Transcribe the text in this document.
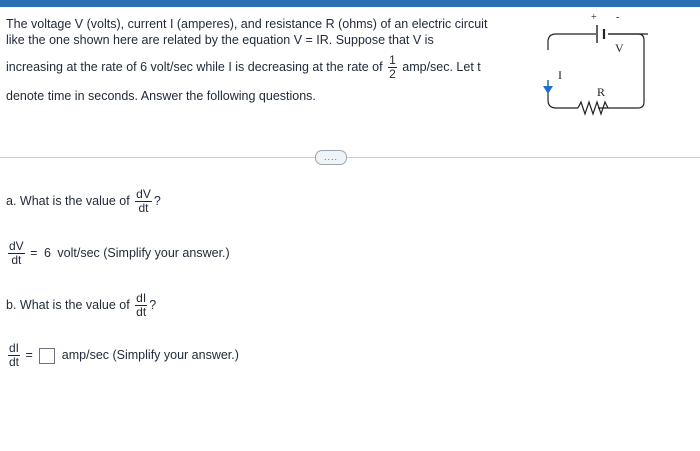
The voltage V (volts), current I (amperes), and resistance R (ohms) of an electric circuit
like the one shown here are related by the equation V = IR. Suppose that V is
increasing at the rate of 6 volt/sec while I is decreasing at the rate of $\frac{1}{2} amp/\sec$. Let t
denote time in seconds. Answer the following questions.
+ -
V
R
I
....
a. What is the value of $\frac{dV}{dt}$ ?
$\frac{dV}{dt} = 6$ volt/sec (Simplify your answer.)
b. What is the value of $\frac{dI}{dt}$ ?
$\frac{dI}{dt} = amp/\sec$ (Simplify your answer.)
